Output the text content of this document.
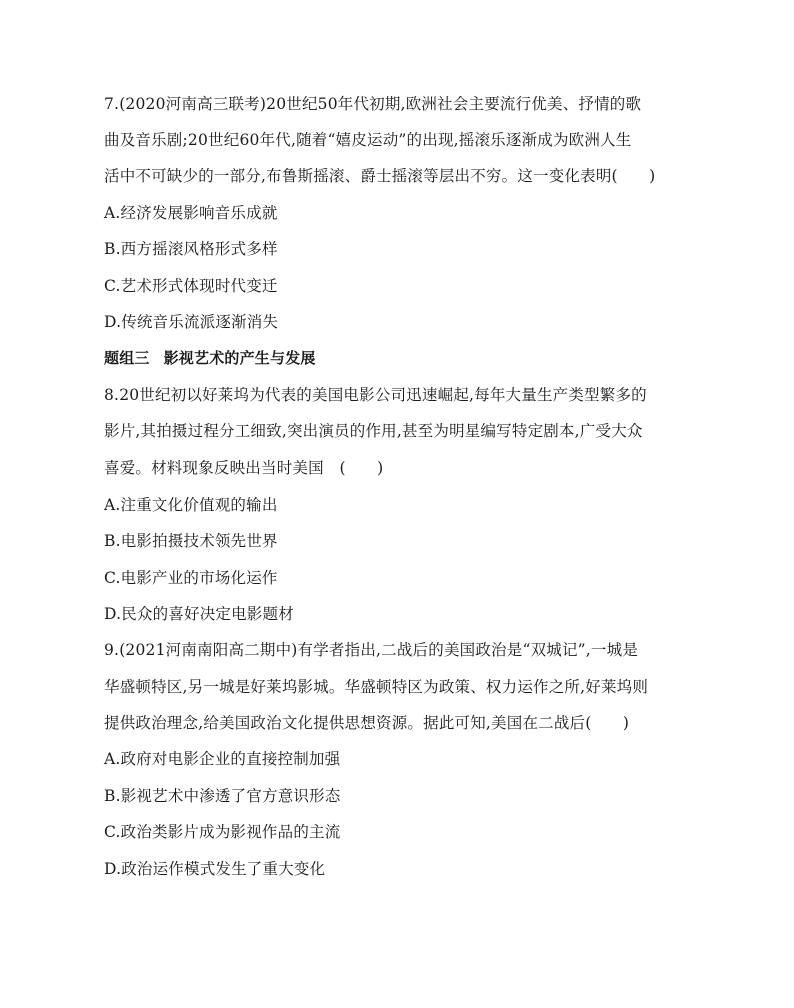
7.(2020河南高三联考)20世纪50年代初期,欧洲社会主要流行优美、抒情的歌
曲及音乐剧;20世纪60年代,随着“嬉皮运动”的出现,摇滚乐逐渐成为欧洲人生
活中不可缺少的一部分,布鲁斯摇滚、爵士摇滚等层出不穷。这一变化表明(　　)
A.经济发展影响音乐成就
B.西方摇滚风格形式多样
C.艺术形式体现时代变迁
D.传统音乐流派逐渐消失
题组三 影视艺术的产生与发展
8.20世纪初以好莱坞为代表的美国电影公司迅速崛起,每年大量生产类型繁多的
影片,其拍摄过程分工细致,突出演员的作用,甚至为明星编写特定剧本,广受大众
喜爱。材料现象反映出当时美国　(　　)
A.注重文化价值观的输出
B.电影拍摄技术领先世界
C.电影产业的市场化运作
D.民众的喜好决定电影题材
9.(2021河南南阳高二期中)有学者指出,二战后的美国政治是“双城记”,一城是
华盛顿特区,另一城是好莱坞影城。华盛顿特区为政策、权力运作之所,好莱坞则
提供政治理念,给美国政治文化提供思想资源。据此可知,美国在二战后(　　)
A.政府对电影企业的直接控制加强
B.影视艺术中渗透了官方意识形态
C.政治类影片成为影视作品的主流
D.政治运作模式发生了重大变化
